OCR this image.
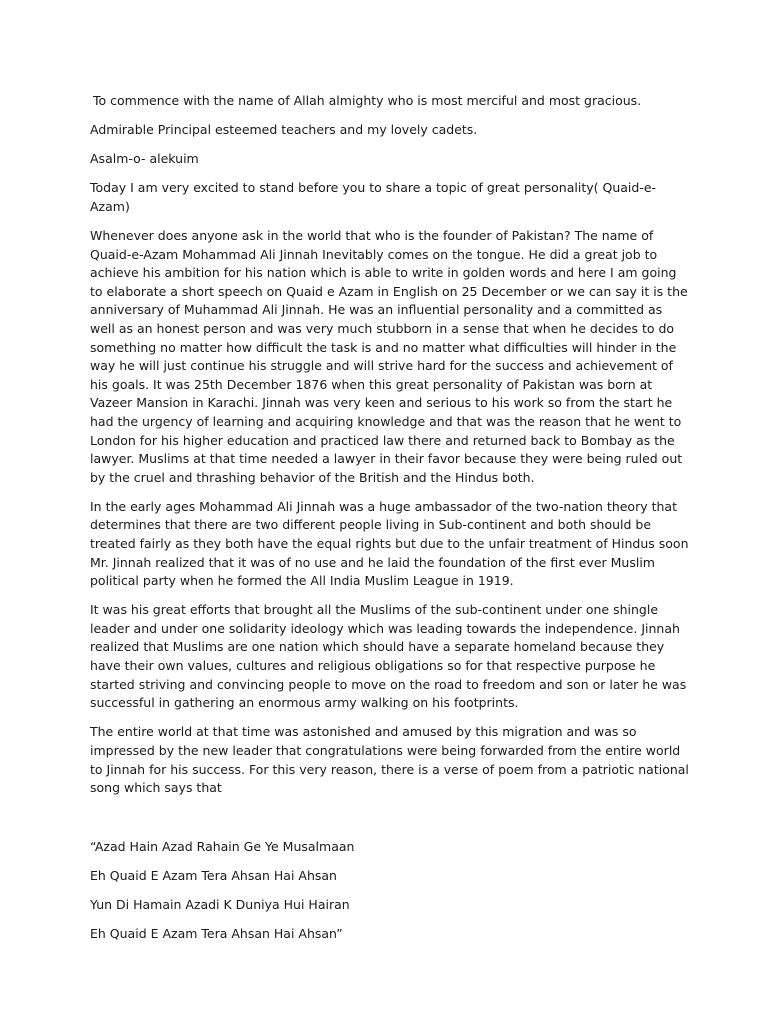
To commence with the name of Allah almighty who is most merciful and most gracious.

Admirable Principal esteemed teachers and my lovely cadets.

Asalm-o- alekuim

Today I am very excited to stand before you to share a topic of great personality( Quaid-e-Azam)

Whenever does anyone ask in the world that who is the founder of Pakistan? The name of Quaid-e-Azam Mohammad Ali Jinnah Inevitably comes on the tongue. He did a great job to achieve his ambition for his nation which is able to write in golden words and here I am going to elaborate a short speech on Quaid e Azam in English on 25 December or we can say it is the anniversary of Muhammad Ali Jinnah. He was an influential personality and a committed as well as an honest person and was very much stubborn in a sense that when he decides to do something no matter how difficult the task is and no matter what difficulties will hinder in the way he will just continue his struggle and will strive hard for the success and achievement of his goals. It was 25th December 1876 when this great personality of Pakistan was born at Vazeer Mansion in Karachi. Jinnah was very keen and serious to his work so from the start he had the urgency of learning and acquiring knowledge and that was the reason that he went to London for his higher education and practiced law there and returned back to Bombay as the lawyer. Muslims at that time needed a lawyer in their favor because they were being ruled out by the cruel and thrashing behavior of the British and the Hindus both.

In the early ages Mohammad Ali Jinnah was a huge ambassador of the two-nation theory that determines that there are two different people living in Sub-continent and both should be treated fairly as they both have the equal rights but due to the unfair treatment of Hindus soon Mr. Jinnah realized that it was of no use and he laid the foundation of the first ever Muslim political party when he formed the All India Muslim League in 1919.

It was his great efforts that brought all the Muslims of the sub-continent under one shingle leader and under one solidarity ideology which was leading towards the independence. Jinnah realized that Muslims are one nation which should have a separate homeland because they have their own values, cultures and religious obligations so for that respective purpose he started striving and convincing people to move on the road to freedom and son or later he was successful in gathering an enormous army walking on his footprints.

The entire world at that time was astonished and amused by this migration and was so impressed by the new leader that congratulations were being forwarded from the entire world to Jinnah for his success. For this very reason, there is a verse of poem from a patriotic national song which says that

“Azad Hain Azad Rahain Ge Ye Musalmaan

Eh Quaid E Azam Tera Ahsan Hai Ahsan

Yun Di Hamain Azadi K Duniya Hui Hairan

Eh Quaid E Azam Tera Ahsan Hai Ahsan”
